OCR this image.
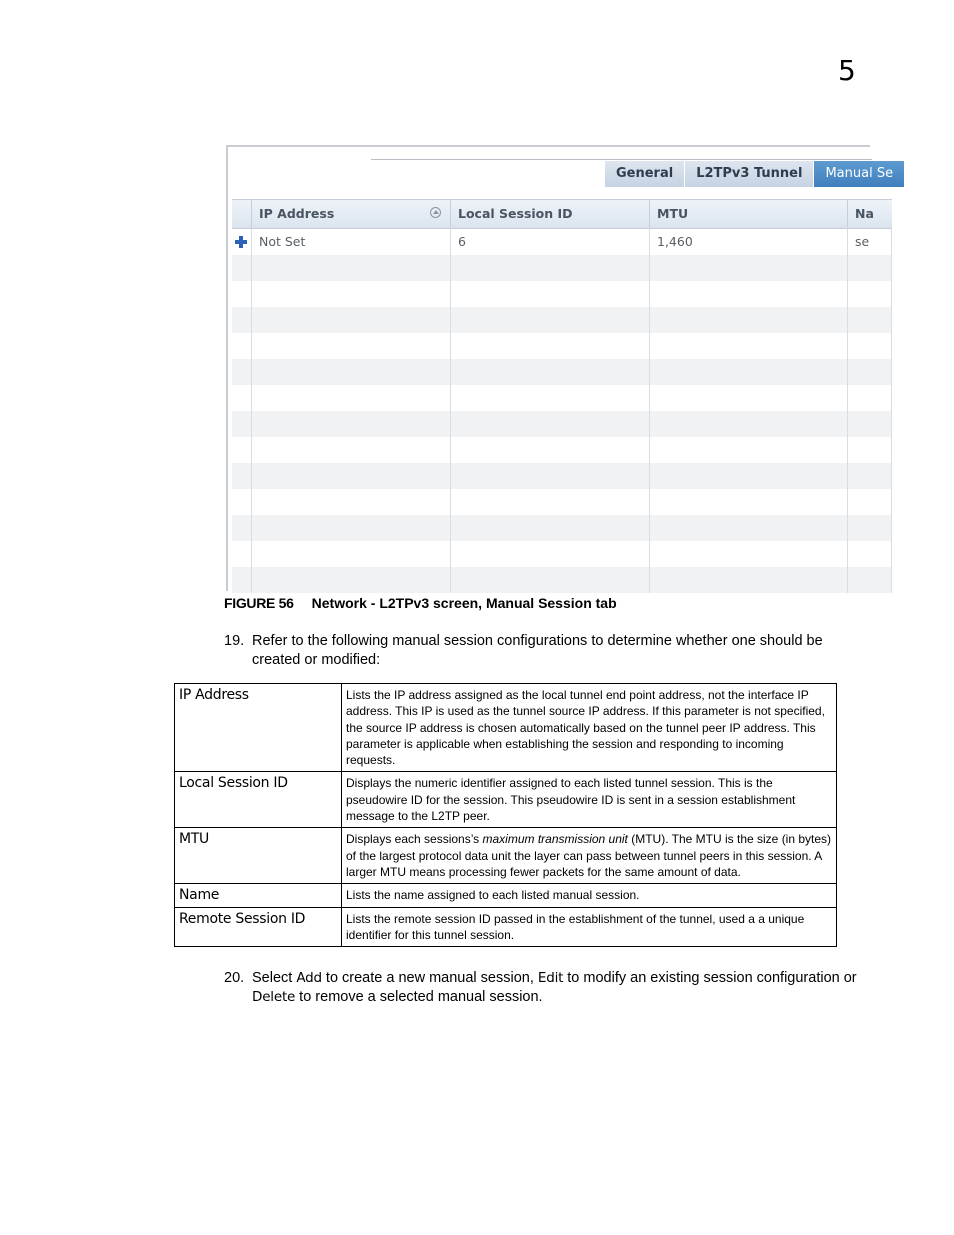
5
General	L2TPv3 Tunnel	Manual Se
IP Address	Local Session ID	MTU	Na
Not Set	6	1,460	se
FIGURE 56 Network - L2TPv3 screen, Manual Session tab
19. Refer to the following manual session configurations to determine whether one should be created or modified:
IP Address	Lists the IP address assigned as the local tunnel end point address, not the interface IP address. This IP is used as the tunnel source IP address. If this parameter is not specified, the source IP address is chosen automatically based on the tunnel peer IP address. This parameter is applicable when establishing the session and responding to incoming requests.
Local Session ID	Displays the numeric identifier assigned to each listed tunnel session. This is the pseudowire ID for the session. This pseudowire ID is sent in a session establishment message to the L2TP peer.
MTU	Displays each sessions’s maximum transmission unit (MTU). The MTU is the size (in bytes) of the largest protocol data unit the layer can pass between tunnel peers in this session. A larger MTU means processing fewer packets for the same amount of data.
Name	Lists the name assigned to each listed manual session.
Remote Session ID	Lists the remote session ID passed in the establishment of the tunnel, used a a unique identifier for this tunnel session.
20. Select Add to create a new manual session, Edit to modify an existing session configuration or Delete to remove a selected manual session.
